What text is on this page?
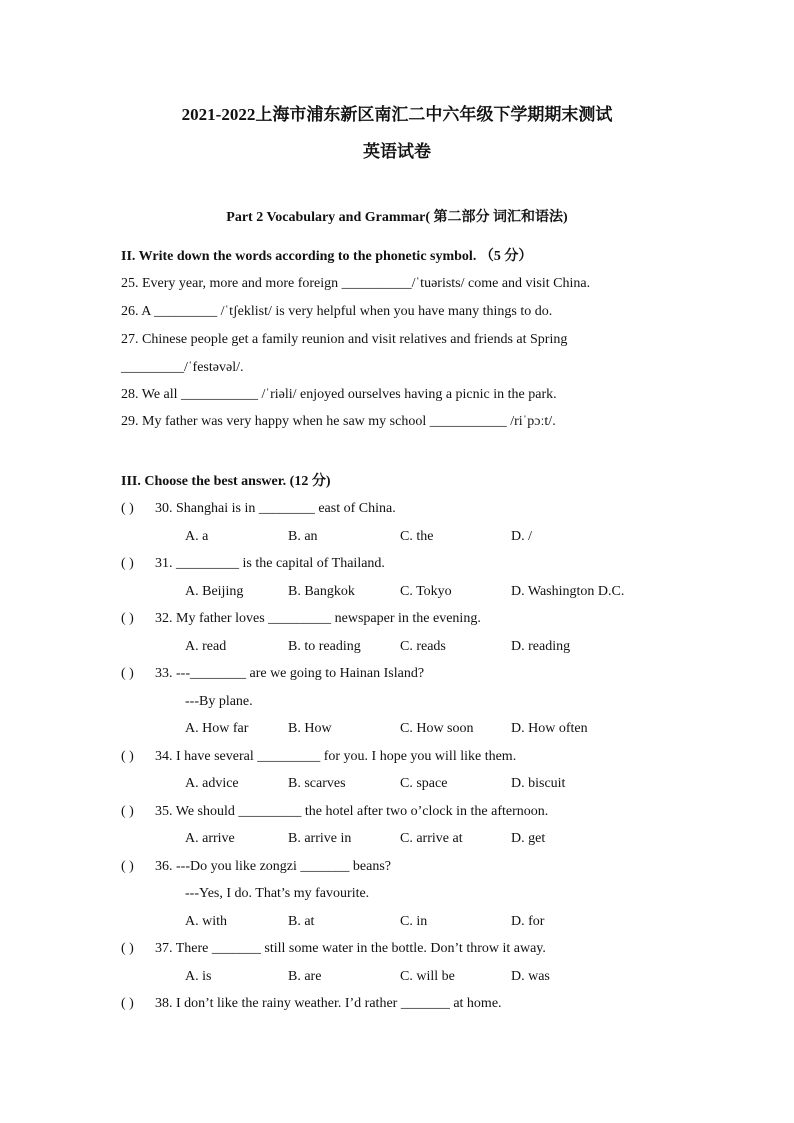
2021-2022上海市浦东新区南汇二中六年级下学期期末测试
英语试卷
Part 2 Vocabulary and Grammar( 第二部分 词汇和语法)
II. Write down the words according to the phonetic symbol. （5 分）
25. Every year, more and more foreign __________/ˈtuərists/ come and visit China.
26. A _________ /ˈtʃeklist/ is very helpful when you have many things to do.
27. Chinese people get a family reunion and visit relatives and friends at Spring
_________/ˈfestəvəl/.
28. We all ___________ /ˈriəli/ enjoyed ourselves having a picnic in the park.
29. My father was very happy when he saw my school ___________ /riˈpɔːt/.
III. Choose the best answer. (12 分)
( )	30. Shanghai is in ________ east of China.
A. a	B. an	C. the	D. /
( )	31. _________ is the capital of Thailand.
A. Beijing	B. Bangkok	C. Tokyo	D. Washington D.C.
( )	32. My father loves _________ newspaper in the evening.
A. read	B. to reading	C. reads	D. reading
( )	33. ---________ are we going to Hainan Island?
---By plane.
A. How far	B. How	C. How soon	D. How often
( )	34. I have several _________ for you. I hope you will like them.
A. advice	B. scarves	C. space	D. biscuit
( )	35. We should _________ the hotel after two o’clock in the afternoon.
A. arrive	B. arrive in	C. arrive at	D. get
( )	36. ---Do you like zongzi _______ beans?
---Yes, I do. That’s my favourite.
A. with	B. at	C. in	D. for
( )	37. There _______ still some water in the bottle. Don’t throw it away.
A. is	B. are	C. will be	D. was
( )	38. I don’t like the rainy weather. I’d rather _______ at home.
